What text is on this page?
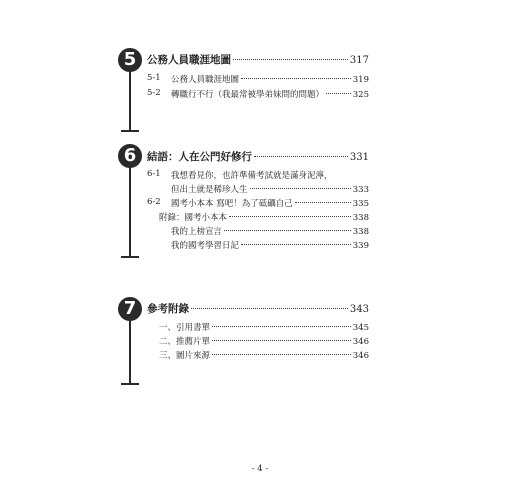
5	公務人員職涯地圖	317
5-1 公務人員職涯地圖	319
5-2 轉職行不行（我最常被學弟妹問的問題）	325
6	結語：人在公門好修行	331
6-1 我想看見你，也許準備考試就是滿身泥濘，
但出土就是稀珍人生	333
6-2 國考小本本 寫吧！為了砥礪自己	335
附錄：國考小本本	338
我的上榜宣言	338
我的國考學習日記	339
7	參考附錄	343
一、引用書單	345
二、推薦片單	346
三、圖片來源	346
- 4 -
